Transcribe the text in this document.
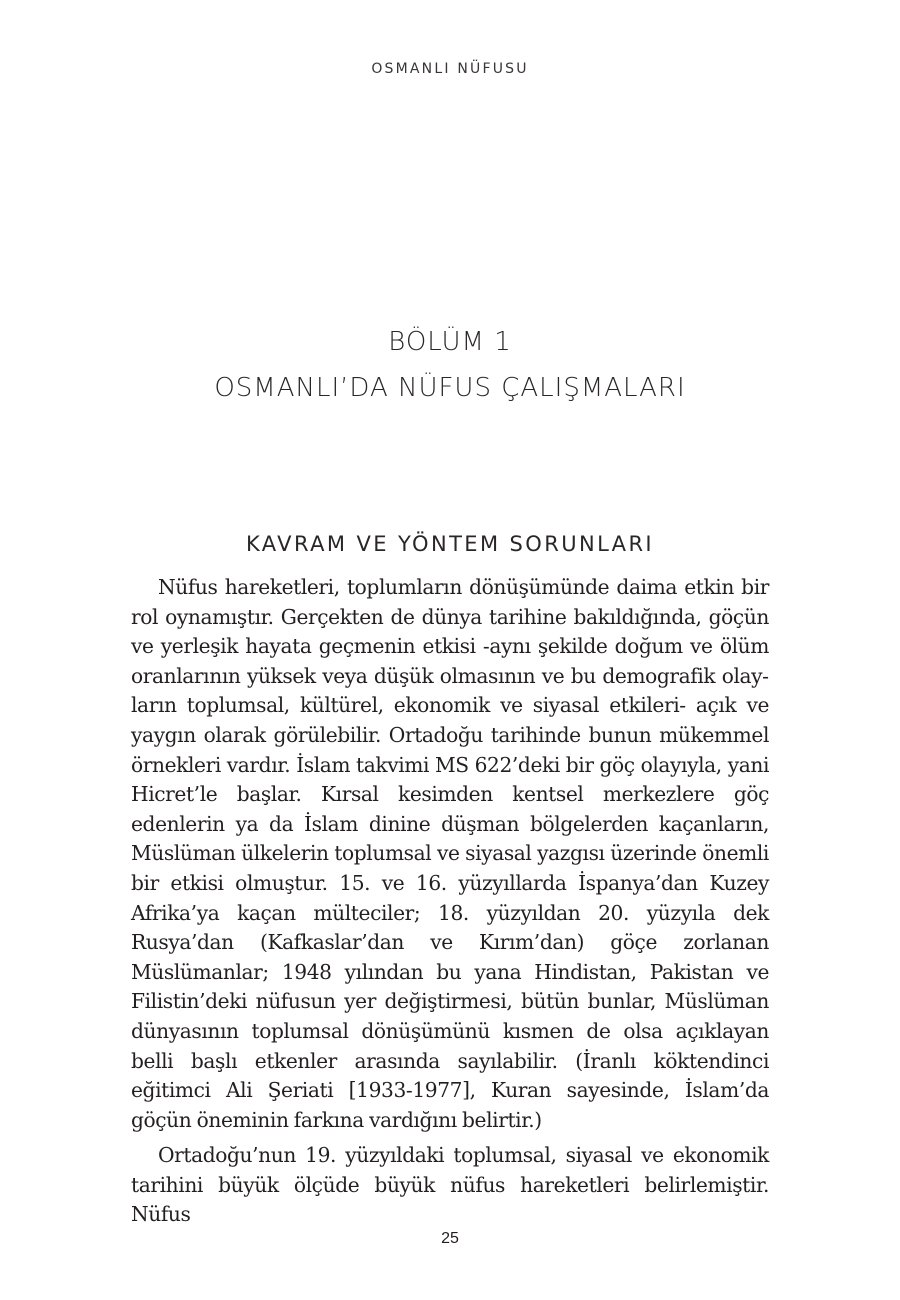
OSMANLI NÜFUSU
BÖLÜM 1
OSMANLI’DA NÜFUS ÇALIŞMALARI
KAVRAM VE YÖNTEM SORUNLARI

Nüfus hareketleri, toplumların dönüşümünde daima etkin bir rol oynamıştır. Gerçekten de dünya tarihine bakıldığında, göçün ve yerleşik hayata geçmenin etkisi -aynı şekilde doğum ve ölüm oranlarının yüksek veya düşük olmasının ve bu demografik olayların toplumsal, kültürel, ekonomik ve siyasal etkileri- açık ve yaygın olarak görülebilir. Ortadoğu tarihinde bunun mükemmel örnekleri vardır. İslam takvimi MS 622’deki bir göç olayıyla, yani Hicret’le başlar. Kırsal kesimden kentsel merkezlere göç edenlerin ya da İslam dinine düşman bölgelerden kaçanların, Müslüman ülkelerin toplumsal ve siyasal yazgısı üzerinde önemli bir etkisi olmuştur. 15. ve 16. yüzyıllarda İspanya’dan Kuzey Afrika’ya kaçan mülteciler; 18. yüzyıldan 20. yüzyıla dek Rusya’dan (Kafkaslar’dan ve Kırım’dan) göçe zorlanan Müslümanlar; 1948 yılından bu yana Hindistan, Pakistan ve Filistin’deki nüfusun yer değiştirmesi, bütün bunlar, Müslüman dünyasının toplumsal dönüşümünü kısmen de olsa açıklayan belli başlı etkenler arasında sayılabilir. (İranlı köktendinci eğitimci Ali Şeriati [1933-1977], Kuran sayesinde, İslam’da göçün öneminin farkına vardığını belirtir.)

Ortadoğu’nun 19. yüzyıldaki toplumsal, siyasal ve ekonomik tarihini büyük ölçüde büyük nüfus hareketleri belirlemiştir. Nüfus

25
